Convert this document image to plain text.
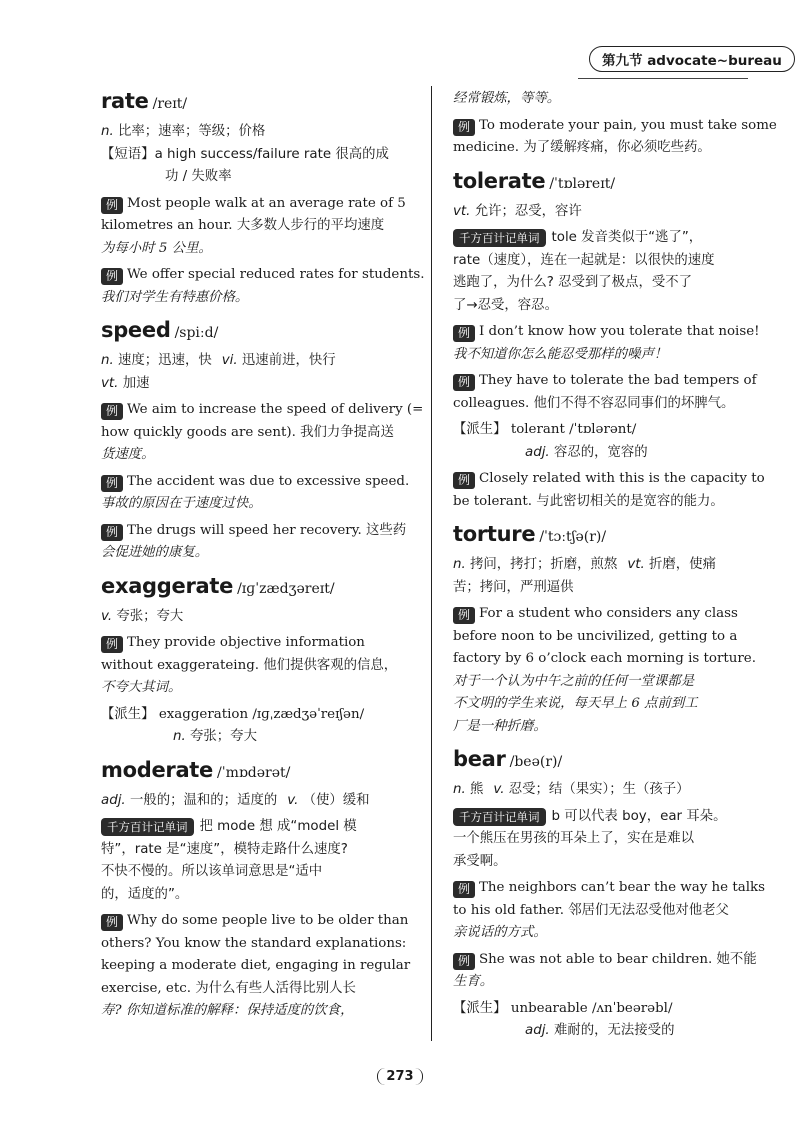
第九节 advocate~bureau
rate /reɪt/

n. 比率；速率；等级；价格

【短语】a high success/failure rate 很高的成

功 / 失败率

例 Most people walk at an average rate of 5

kilometres an hour. 大多数人步行的平均速度

为每小时 5 公里。

例 We offer special reduced rates for students.

我们对学生有特惠价格。

speed /spiːd/

n. 速度；迅速，快 vi. 迅速前进，快行

vt. 加速

例 We aim to increase the speed of delivery (=

how quickly goods are sent). 我们力争提高送

货速度。

例 The accident was due to excessive speed.

事故的原因在于速度过快。

例 The drugs will speed her recovery. 这些药

会促进她的康复。

exaggerate /ɪɡˈzædʒəreɪt/

v. 夸张；夸大

例 They provide objective information

without exaggerateing. 他们提供客观的信息，

不夸大其词。

【派生】 exaggeration /ɪɡˌzædʒəˈreɪʃən/

n. 夸张；夸大

moderate /ˈmɒdərət/

adj. 一般的；温和的；适度的 v. （使）缓和

千方百计记单词 把 mode 想 成“model 模

特”，rate 是“速度”，模特走路什么速度?

不快不慢的。所以该单词意思是“适中

的，适度的”。

例 Why do some people live to be older than

others? You know the standard explanations:

keeping a moderate diet, engaging in regular

exercise, etc. 为什么有些人活得比别人长

寿? 你知道标准的解释：保持适度的饮食，

经常锻炼，等等。

例 To moderate your pain, you must take some

medicine. 为了缓解疼痛，你必须吃些药。

tolerate /ˈtɒləreɪt/

vt. 允许；忍受，容许

千方百计记单词 tole 发音类似于“逃了”，

rate（速度），连在一起就是：以很快的速度

逃跑了，为什么? 忍受到了极点，受不了

了→忍受，容忍。

例 I don’t know how you tolerate that noise!

我不知道你怎么能忍受那样的噪声！

例 They have to tolerate the bad tempers of

colleagues. 他们不得不容忍同事们的坏脾气。

【派生】 tolerant /ˈtɒlərənt/

adj. 容忍的，宽容的

例 Closely related with this is the capacity to

be tolerant. 与此密切相关的是宽容的能力。

torture /ˈtɔːtʃə(r)/

n. 拷问，拷打；折磨，煎熬 vt. 折磨，使痛

苦；拷问，严刑逼供

例 For a student who considers any class

before noon to be uncivilized, getting to a

factory by 6 o’clock each morning is torture.

对于一个认为中午之前的任何一堂课都是

不文明的学生来说，每天早上 6 点前到工

厂是一种折磨。

bear /beə(r)/

n. 熊 v. 忍受；结（果实）；生（孩子）

千方百计记单词 b 可以代表 boy，ear 耳朵。

一个熊压在男孩的耳朵上了，实在是难以

承受啊。

例 The neighbors can’t bear the way he talks

to his old father. 邻居们无法忍受他对他老父

亲说话的方式。

例 She was not able to bear children. 她不能

生育。

【派生】 unbearable /ʌnˈbeərəbl/

adj. 难耐的，无法接受的

273
